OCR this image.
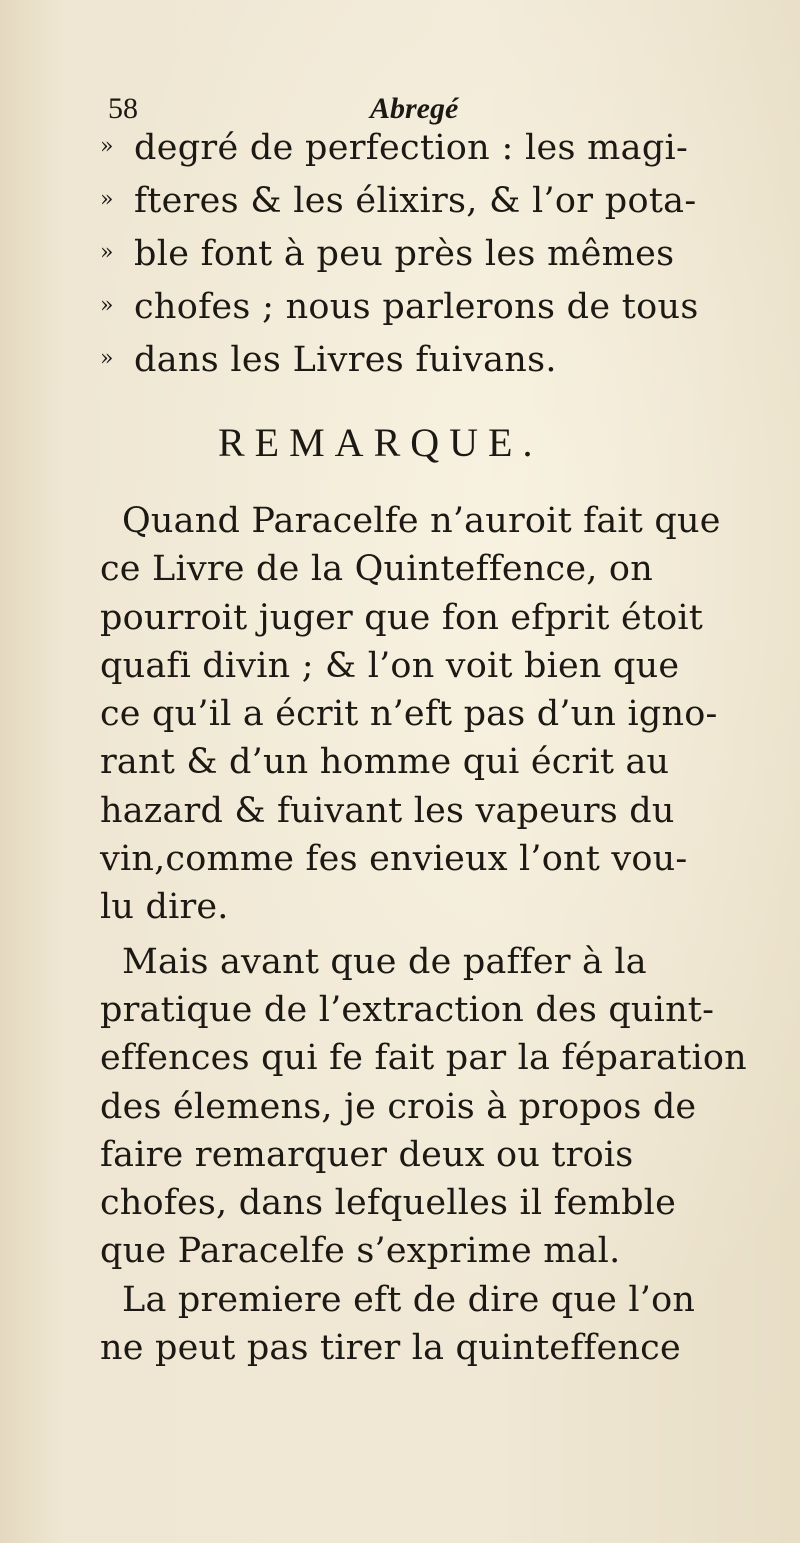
58	Abregé
» degré de perfection : les magi-
» fteres & les élixirs, & l’or pota-
» ble font à peu près les mêmes
» chofes ; nous parlerons de tous
» dans les Livres fuivans.
REMARQUE.
Quand Paracelfe n’auroit fait que
ce Livre de la Quinteffence, on
pourroit juger que fon efprit étoit
quafi divin ; & l’on voit bien que
ce qu’il a écrit n’eft pas d’un igno-
rant & d’un homme qui écrit au
hazard & fuivant les vapeurs du
vin,comme fes envieux l’ont vou-
lu dire.
Mais avant que de paffer à la
pratique de l’extraction des quint-
effences qui fe fait par la féparation
des élemens, je crois à propos de
faire remarquer deux ou trois
chofes, dans lefquelles il femble
que Paracelfe s’exprime mal.
La premiere eft de dire que l’on
ne peut pas tirer la quinteffence
